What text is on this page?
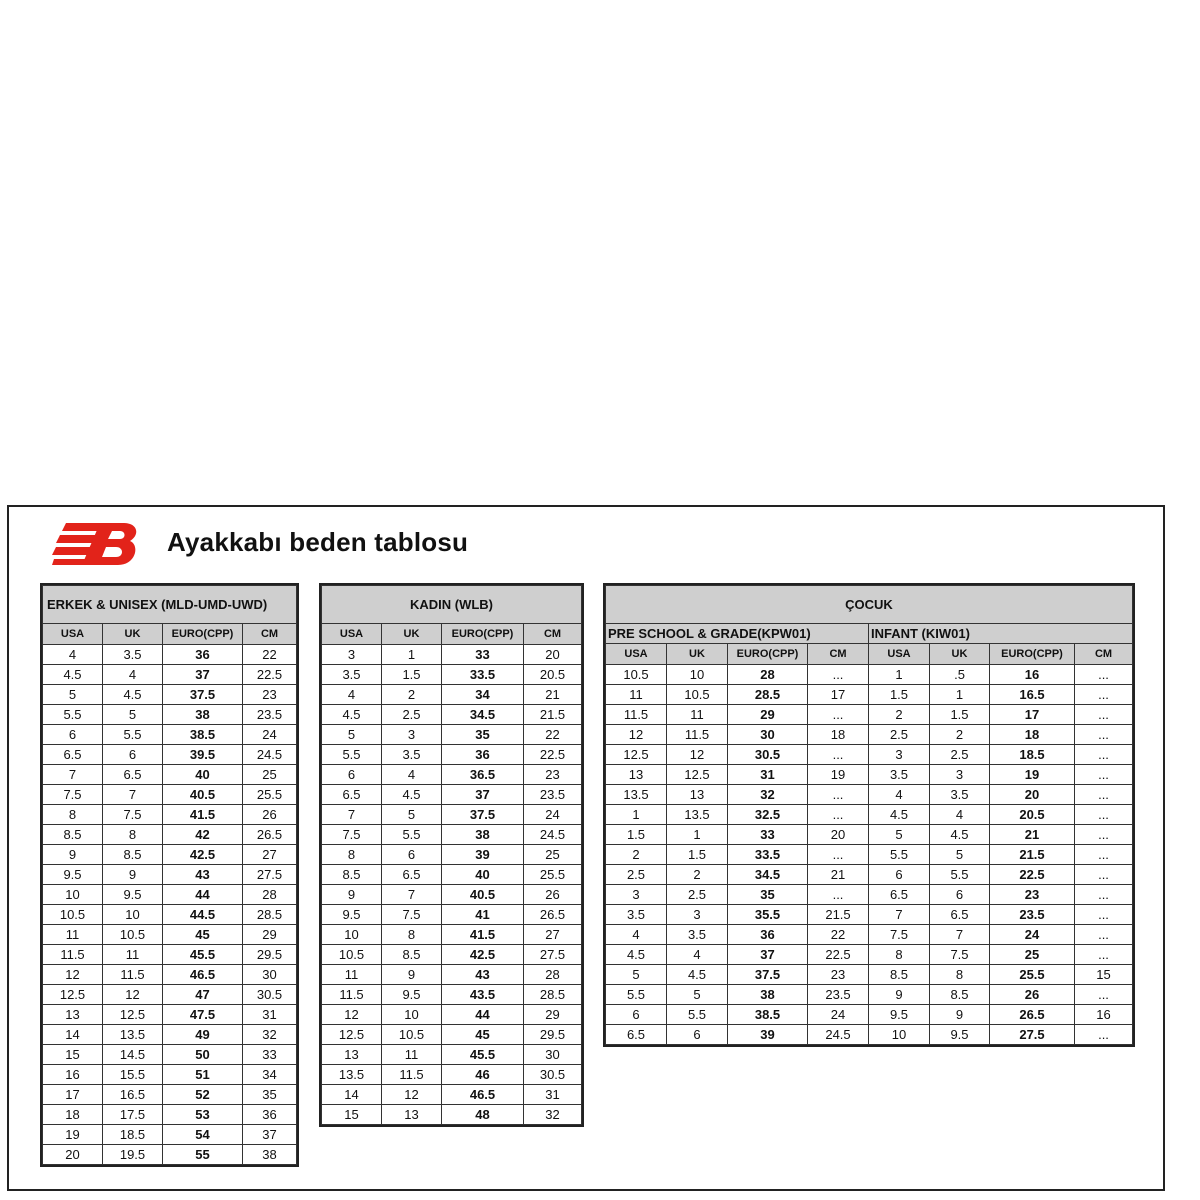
Ayakkabı beden tablosu
ERKEK & UNISEX (MLD-UMD-UWD)			
USA	UK	EURO(CPP)	CM
4	3.5	36	22
4.5	4	37	22.5
5	4.5	37.5	23
5.5	5	38	23.5
6	5.5	38.5	24
6.5	6	39.5	24.5
7	6.5	40	25
7.5	7	40.5	25.5
8	7.5	41.5	26
8.5	8	42	26.5
9	8.5	42.5	27
9.5	9	43	27.5
10	9.5	44	28
10.5	10	44.5	28.5
11	10.5	45	29
11.5	11	45.5	29.5
12	11.5	46.5	30
12.5	12	47	30.5
13	12.5	47.5	31
14	13.5	49	32
15	14.5	50	33
16	15.5	51	34
17	16.5	52	35
18	17.5	53	36
19	18.5	54	37
20	19.5	55	38
KADIN (WLB)			
USA	UK	EURO(CPP)	CM
3	1	33	20
3.5	1.5	33.5	20.5
4	2	34	21
4.5	2.5	34.5	21.5
5	3	35	22
5.5	3.5	36	22.5
6	4	36.5	23
6.5	4.5	37	23.5
7	5	37.5	24
7.5	5.5	38	24.5
8	6	39	25
8.5	6.5	40	25.5
9	7	40.5	26
9.5	7.5	41	26.5
10	8	41.5	27
10.5	8.5	42.5	27.5
11	9	43	28
11.5	9.5	43.5	28.5
12	10	44	29
12.5	10.5	45	29.5
13	11	45.5	30
13.5	11.5	46	30.5
14	12	46.5	31
15	13	48	32
ÇOCUK							
PRE SCHOOL & GRADE(KPW01)				INFANT (KIW01)			
USA	UK	EURO(CPP)	CM	USA	UK	EURO(CPP)	CM
10.5	10	28	...	1	.5	16	...
11	10.5	28.5	17	1.5	1	16.5	...
11.5	11	29	...	2	1.5	17	...
12	11.5	30	18	2.5	2	18	...
12.5	12	30.5	...	3	2.5	18.5	...
13	12.5	31	19	3.5	3	19	...
13.5	13	32	...	4	3.5	20	...
1	13.5	32.5	...	4.5	4	20.5	...
1.5	1	33	20	5	4.5	21	...
2	1.5	33.5	...	5.5	5	21.5	...
2.5	2	34.5	21	6	5.5	22.5	...
3	2.5	35	...	6.5	6	23	...
3.5	3	35.5	21.5	7	6.5	23.5	...
4	3.5	36	22	7.5	7	24	...
4.5	4	37	22.5	8	7.5	25	...
5	4.5	37.5	23	8.5	8	25.5	15
5.5	5	38	23.5	9	8.5	26	...
6	5.5	38.5	24	9.5	9	26.5	16
6.5	6	39	24.5	10	9.5	27.5	...
